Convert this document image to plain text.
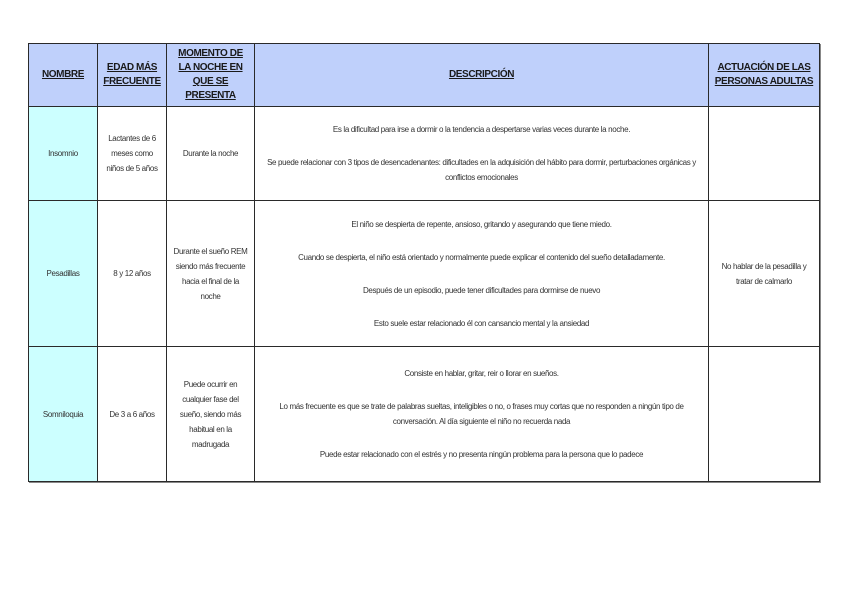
NOMBRE	EDAD MÁS FRECUENTE	MOMENTO DE LA NOCHE EN QUE SE PRESENTA	DESCRIPCIÓN	ACTUACIÓN DE LAS PERSONAS ADULTAS
Insomnio	Lactantes de 6 meses como niños de 5 años	Durante la noche	Es la dificultad para irse a dormir o la tendencia a despertarse varias veces durante la noche.

Se puede relacionar con 3 tipos de desencadenantes: dificultades en la adquisición del hábito para dormir, perturbaciones orgánicas y conflictos emocionales	

Pesadillas	8 y 12 años	Durante el sueño REM siendo más frecuente hacia el final de la noche	El niño se despierta de repente, ansioso, gritando y asegurando que tiene miedo.

Cuando se despierta, el niño está orientado y normalmente puede explicar el contenido del sueño detalladamente.

Después de un episodio, puede tener dificultades para dormirse de nuevo

Esto suele estar relacionado él con cansancio mental y la ansiedad	No hablar de la pesadilla y tratar de calmarlo
Somniloquia	De 3 a 6 años	Puede ocurrir en cualquier fase del sueño, siendo más habitual en la madrugada	Consiste en hablar, gritar, reir o llorar en sueños.

Lo más frecuente es que se trate de palabras sueltas, inteligibles o no, o frases muy cortas que no responden a ningún tipo de conversación. Al día siguiente el niño no recuerda nada

Puede estar relacionado con el estrés y no presenta ningún problema para la persona que lo padece	
